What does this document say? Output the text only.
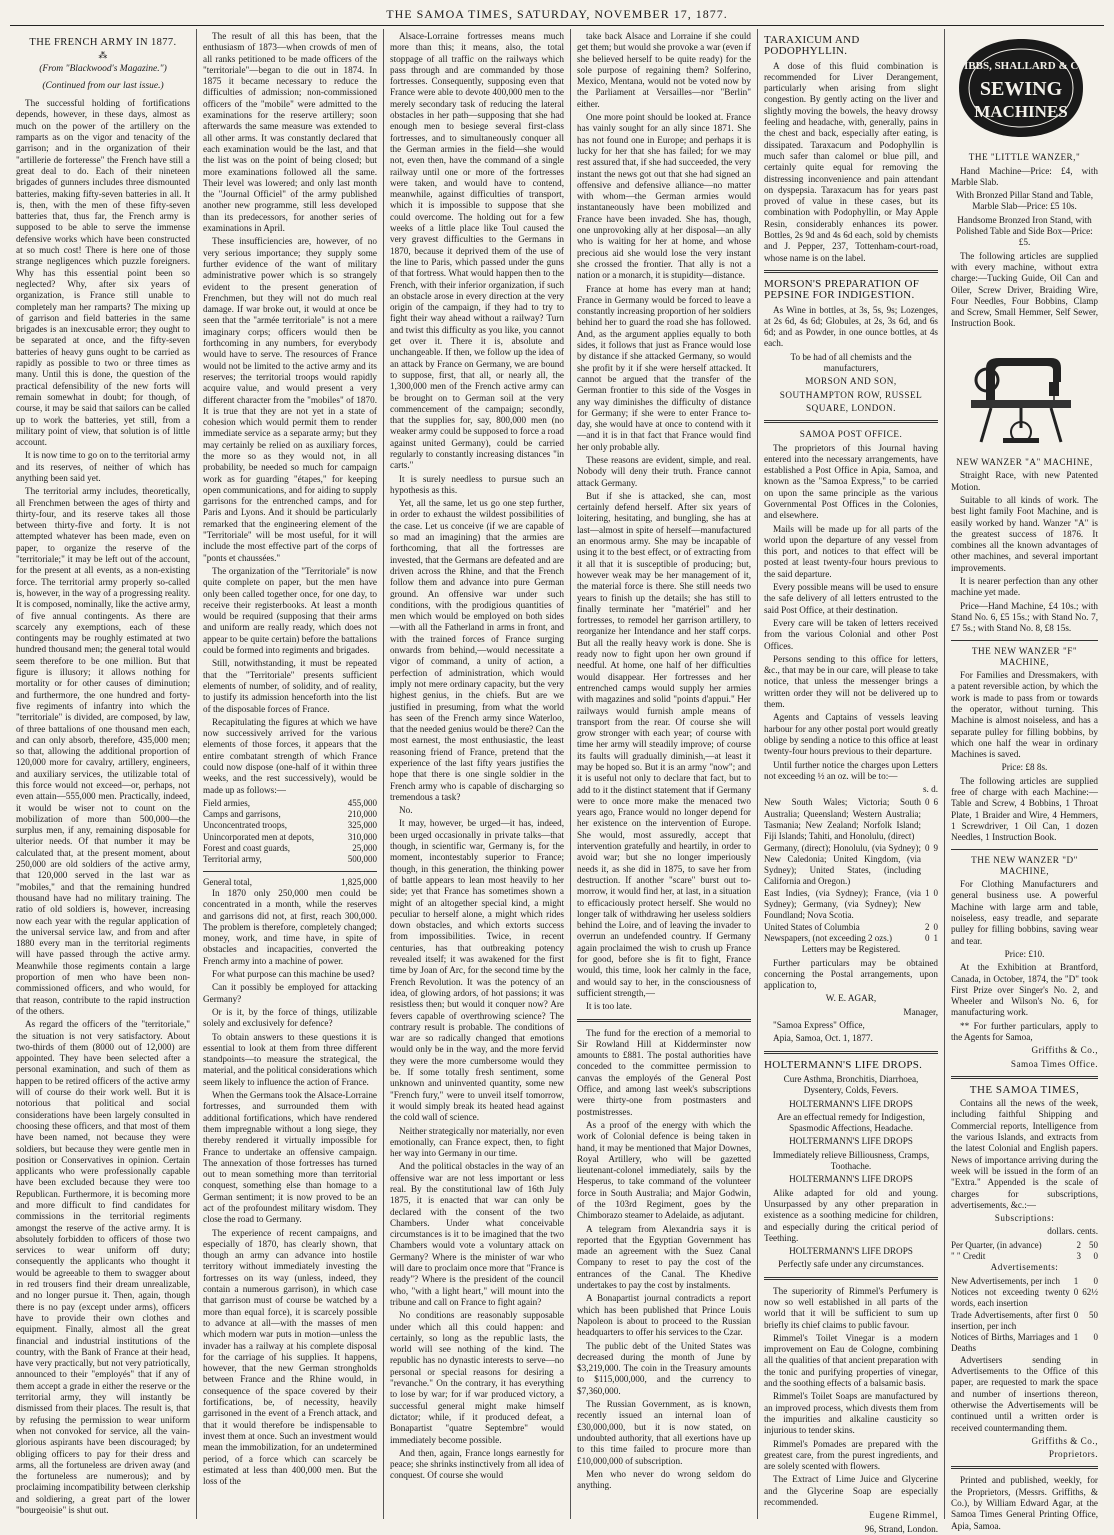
THE SAMOA TIMES, SATURDAY, NOVEMBER 17, 1877.

THE FRENCH ARMY IN 1877.

⁂

(From "Blackwood's Magazine.")

(Continued from our last issue.)

The successful holding of fortifications depends, however, in these days, almost as much on the power of the artillery on the ramparts as on the vigor and tenacity of the garrison; and in the organization of their "artillerie de forteresse" the French have still a great deal to do. Each of their nineteen brigades of gunners includes three dismounted batteries, making fifty-seven batteries in all. It is, then, with the men of these fifty-seven batteries that, thus far, the French army is supposed to be able to serve the immense defensive works which have been constructed at so much cost! There is here one of those strange negligences which puzzle foreigners. Why has this essential point been so neglected? Why, after six years of organization, is France still unable to completely man her ramparts? The mixing up of garrison and field batteries in the same brigades is an inexcusable error; they ought to be separated at once, and the fifty-seven batteries of heavy guns ought to be carried as rapidly as possible to two or three times as many. Until this is done, the question of the practical defensibility of the new forts will remain somewhat in doubt; for though, of course, it may be said that sailors can be called up to work the batteries, yet still, from a military point of view, that solution is of little account.

It is now time to go on to the territorial army and its reserves, of neither of which has anything been said yet.

The territorial army includes, theoretically, all Frenchmen between the ages of thirty and thirty-four, and its reserve takes all those between thirty-five and forty. It is not attempted whatever has been made, even on paper, to organize the reserve of the "territoriale;" it may be left out of the account, for the present at all events, as a non-existing force. The territorial army properly so-called is, however, in the way of a progressing reality. It is composed, nominally, like the active army, of five annual contingents. As there are scarcely any exemptions, each of these contingents may be roughly estimated at two hundred thousand men; the general total would seem therefore to be one million. But that figure is illusory; it allows nothing for mortality or for other causes of diminution; and furthermore, the one hundred and forty-five regiments of infantry into which the "territoriale" is divided, are composed, by law, of three battalions of one thousand men each, and can only absorb, therefore, 435,000 men; so that, allowing the additional proportion of 120,000 more for cavalry, artillery, engineers, and auxiliary services, the utilizable total of this force would not exceed—or, perhaps, not even attain—555,000 men. Practically, indeed, it would be wiser not to count on the mobilization of more than 500,000—the surplus men, if any, remaining disposable for ulterior needs. Of that number it may be calculated that, at the present moment, about 250,000 are old soldiers of the active army, that 120,000 served in the last war as "mobiles," and that the remaining hundred thousand have had no military training. The ratio of old soldiers is, however, increasing now each year with the regular application of the universal service law, and from and after 1880 every man in the territorial regiments will have passed through the active army. Meanwhile those regiments contain a large proportion of men who have been non-commissioned officers, and who would, for that reason, contribute to the rapid instruction of the others.

As regard the officers of the "territoriale," the situation is not very satisfactory. About two-thirds of them (8000 out of 12,000) are appointed. They have been selected after a personal examination, and such of them as happen to be retired officers of the active army will of course do their work well. But it is notorious that political and social considerations have been largely consulted in choosing these officers, and that most of them have been named, not because they were soldiers, but because they were gentle men in position or Conservatives in opinion. Certain applicants who were professionally capable have been excluded because they were too Republican. Furthermore, it is becoming more and more difficult to find candidates for commissions in the territorial regiments amongst the reserve of the active army. It is absolutely forbidden to officers of those two services to wear uniform off duty; consequently the applicants who thought it would be agreeable to them to swagger about in red trousers find their dream unrealizable, and no longer pursue it. Then, again, though there is no pay (except under arms), officers have to provide their own clothes and equipment. Finally, almost all the great financial and industrial institutions of the country, with the Bank of France at their head, have very practically, but not very patriotically, announced to their "employés" that if any of them accept a grade in either the reserve or the territorial army, they will instantly be dismissed from their places. The result is, that by refusing the permission to wear uniform when not convoked for service, all the vain-glorious aspirants have been discouraged; by obliging officers to pay for their dress and arms, all the fortuneless are driven away (and the fortuneless are numerous); and by proclaiming incompatibility between clerkship and soldiering, a great part of the lower "bourgeoisie" is shut out.

The result of all this has been, that the enthusiasm of 1873—when crowds of men of all ranks petitioned to be made officers of the "territoriale"—began to die out in 1874. In 1875 it became necessary to reduce the difficulties of admission; non-commissioned officers of the "mobile" were admitted to the examinations for the reserve artillery; soon afterwards the same measure was extended to all other arms. It was constantly declared that each examination would be the last, and that the list was on the point of being closed; but more examinations followed all the same. Their level was lowered; and only last month the "Journal Officiel" of the army published another new programme, still less developed than its predecessors, for another series of examinations in April.

These insufficiencies are, however, of no very serious importance; they supply some further evidence of the want of military administrative power which is so strangely evident to the present generation of Frenchmen, but they will not do much real damage. If war broke out, it would at once be seen that the "armée territoriale" is not a mere imaginary corps; officers would then be forthcoming in any numbers, for everybody would have to serve. The resources of France would not be limited to the active army and its reserves; the territorial troops would rapidly acquire value, and would present a very different character from the "mobiles" of 1870. It is true that they are not yet in a state of cohesion which would permit them to render immediate service as a separate army; but they may certainly be relied on as auxiliary forces, the more so as they would not, in all probability, be needed so much for campaign work as for guarding "étapes," for keeping open communications, and for aiding to supply garrisons for the entrenched camps, and for Paris and Lyons. And it should be particularly remarked that the engineering element of the "Territoriale" will be most useful, for it will include the most effective part of the corps of "ponts et chaussées."

The organization of the "Territoriale" is now quite complete on paper, but the men have only been called together once, for one day, to receive their registerbooks. At least a month would be required (supposing that their arms and uniform are really ready, which does not appear to be quite certain) before the battalions could be formed into regiments and brigades.

Still, notwithstanding, it must be repeated that the "Territoriale" presents sufficient elements of number, of solidity, and of reality, to justify its admission henceforth into the list of the disposable forces of France.

Recapitulating the figures at which we have now successively arrived for the various elements of those forces, it appears that the entire combatant strength of which France could now dispose (one-half of it within three weeks, and the rest successively), would be made up as follows:—

Field armies,	455,000
Camps and garrisons,	210,000
Unconcentrated troops,	325,000
Unincorporated men at depots,	310,000
Forest and coast guards,	25,000
Territorial army,	500,000
General total,	1,825,000

In 1870 only 250,000 men could be concentrated in a month, while the reserves and garrisons did not, at first, reach 300,000. The problem is therefore, completely changed; money, work, and time have, in spite of obstacles and incapacities, converted the French army into a machine of power.

For what purpose can this machine be used?

Can it possibly be employed for attacking Germany?

Or is it, by the force of things, utilizable solely and exclusively for defence?

To obtain answers to these questions it is essential to look at them from three different standpoints—to measure the strategical, the material, and the political considerations which seem likely to influence the action of France.

When the Germans took the Alsace-Lorraine fortresses, and surrounded them with additional fortifications, which have rendered them impregnable without a long siege, they thereby rendered it virtually impossible for France to undertake an offensive campaign. The annexation of those fortresses has turned out to mean something more than territorial conquest, something else than homage to a German sentiment; it is now proved to be an act of the profoundest military wisdom. They close the road to Germany.

The experience of recent campaigns, and especially of 1870, has clearly shown, that though an army can advance into hostile territory without immediately investing the fortresses on its way (unless, indeed, they contain a numerous garrison), in which case that garrison must of course be watched by a more than equal force), it is scarcely possible to advance at all—with the masses of men which modern war puts in motion—unless the invader has a railway at his complete disposal for the carriage of his supplies. It happens, however, that the new German strongholds between France and the Rhine would, in consequence of the space covered by their fortifications, be, of necessity, heavily garrisoned in the event of a French attack, and that it would therefore be indispensable to invest them at once. Such an investment would mean the immobilization, for an undetermined period, of a force which can scarcely be estimated at less than 400,000 men. But the loss of the

Alsace-Lorraine fortresses means much more than this; it means, also, the total stoppage of all traffic on the railways which pass through and are commanded by those fortresses. Consequently, supposing even that France were able to devote 400,000 men to the merely secondary task of reducing the lateral obstacles in her path—supposing that she had enough men to besiege several first-class fortresses, and to simultaneously conquer all the German armies in the field—she would not, even then, have the command of a single railway until one or more of the fortresses were taken, and would have to contend, meanwhile, against difficulties of transport, which it is impossible to suppose that she could overcome. The holding out for a few weeks of a little place like Toul caused the very gravest difficulties to the Germans in 1870, because it deprived them of the use of the line to Paris, which passed under the guns of that fortress. What would happen then to the French, with their inferior organization, if such an obstacle arose in every direction at the very origin of the campaign, if they had to try to fight their way ahead without a railway? Turn and twist this difficulty as you like, you cannot get over it. There it is, absolute and unchangeable. If then, we follow up the idea of an attack by France on Germany, we are bound to suppose, first, that all, or nearly all, the 1,300,000 men of the French active army can be brought on to German soil at the very commencement of the campaign; secondly, that the supplies for, say, 800,000 men (no weaker army could be supposed to force a road against united Germany), could be carried regularly to constantly increasing distances "in carts."

It is surely needless to pursue such an hypothesis as this.

Yet, all the same, let us go one step further, in order to exhaust the wildest possibilities of the case. Let us conceive (if we are capable of so mad an imagining) that the armies are forthcoming, that all the fortresses are invested, that the Germans are defeated and are driven across the Rhine, and that the French follow them and advance into pure German ground. An offensive war under such conditions, with the prodigious quantities of men which would be employed on both sides—with all the Fatherland in arms in front, and with the trained forces of France surging onwards from behind,—would necessitate a vigor of command, a unity of action, a perfection of administration, which would imply not mere ordinary capacity, but the very highest genius, in the chiefs. But are we justified in presuming, from what the world has seen of the French army since Waterloo, that the needed genius would be there? Can the most earnest, the most enthusiastic, the least reasoning friend of France, pretend that the experience of the last fifty years justifies the hope that there is one single soldier in the French army who is capable of discharging so tremendous a task?

No.

It may, however, be urged—it has, indeed, been urged occasionally in private talks—that though, in scientific war, Germany is, for the moment, incontestably superior to France; though, in this generation, the thinking power of battle appears to lean most heavily to her side; yet that France has sometimes shown a might of an altogether special kind, a might peculiar to herself alone, a might which rides down obstacles, and which extorts success from impossibilities. Twice, in recent centuries, has that outbreaking potency revealed itself; it was awakened for the first time by Joan of Arc, for the second time by the French Revolution. It was the potency of an idea, of glowing ardors, of hot passions; it was resistless then; but would it conquer now? Are fevers capable of overthrowing science? The contrary result is probable. The conditions of war are so radically changed that emotions would only be in the way, and the more fervid they were the more cumbersome would they be. If some totally fresh sentiment, some unknown and uninvented quantity, some new "French fury," were to unveil itself tomorrow, it would simply break its heated head against the cold wall of science.

Neither strategically nor materially, nor even emotionally, can France expect, then, to fight her way into Germany in our time.

And the political obstacles in the way of an offensive war are not less important or less real. By the constitutional law of 16th July 1875, it is enacted that war can only be declared with the consent of the two Chambers. Under what conceivable circumstances is it to be imagined that the two Chambers would vote a voluntary attack on Germany? Where is the minister of war who will dare to proclaim once more that "France is ready"? Where is the president of the council who, "with a light heart," will mount into the tribune and call on France to fight again?

No conditions are reasonably supposable under which all this could happen: and certainly, so long as the republic lasts, the world will see nothing of the kind. The republic has no dynastic interests to serve—no personal or special reasons for desiring a "revanche." On the contrary, it has everything to lose by war; for if war produced victory, a successful general might make himself dictator; while, if it produced defeat, a Bonapartist "quatre Septembre" would immediately become possible.

And then, again, France longs earnestly for peace; she shrinks instinctively from all idea of conquest. Of course she would

take back Alsace and Lorraine if she could get them; but would she provoke a war (even if she believed herself to be quite ready) for the sole purpose of regaining them? Solferino, Mexico, Mentana, would not be voted now by the Parliament at Versailles—nor "Berlin" either.

One more point should be looked at. France has vainly sought for an ally since 1871. She has not found one in Europe; and perhaps it is lucky for her that she has failed; for we may rest assured that, if she had succeeded, the very instant the news got out that she had signed an offensive and defensive alliance—no matter with whom—the German armies would instantaneously have been mobilized and France have been invaded. She has, though, one unprovoking ally at her disposal—an ally who is waiting for her at home, and whose precious aid she would lose the very instant she crossed the frontier. That ally is not a nation or a monarch, it is stupidity—distance.

France at home has every man at hand; France in Germany would be forced to leave a constantly increasing proportion of her soldiers behind her to guard the road she has followed. And, as the argument applies equally to both sides, it follows that just as France would lose by distance if she attacked Germany, so would she profit by it if she were herself attacked. It cannot be argued that the transfer of the German frontier to this side of the Vosges in any way diminishes the difficulty of distance for Germany; if she were to enter France to-day, she would have at once to contend with it—and it is in that fact that France would find her only probable ally.

These reasons are evident, simple, and real. Nobody will deny their truth. France cannot attack Germany.

But if she is attacked, she can, most certainly defend herself. After six years of loitering, hesitating, and bungling, she has at last—almost in spite of herself—manufactured an enormous army. She may be incapable of using it to the best effect, or of extracting from it all that it is susceptible of producing; but, however weak may be her management of it, the material force is there. She still needs two years to finish up the details; she has still to finally terminate her "matériel" and her fortresses, to remodel her garrison artillery, to reorganize her Intendance and her staff corps. But all the really heavy work is done. She is ready now to fight upon her own ground if needful. At home, one half of her difficulties would disappear. Her fortresses and her entrenched camps would supply her armies with magazines and solid "points d'appui." Her railways would furnish ample means of transport from the rear. Of course she will grow stronger with each year; of course with time her army will steadily improve; of course its faults will gradually diminish,—at least it may be hoped so. But it is an army "now"; and it is useful not only to declare that fact, but to add to it the distinct statement that if Germany were to once more make the menaced two years ago, France would no longer depend for her existence on the intervention of Europe. She would, most assuredly, accept that intervention gratefully and heartily, in order to avoid war; but she no longer imperiously needs it, as she did in 1875, to save her from destruction. If another "scare" burst out to-morrow, it would find her, at last, in a situation to efficaciously protect herself. She would no longer talk of withdrawing her useless soldiers behind the Loire, and of leaving the invader to overrun an undefended country. If Germany again proclaimed the wish to crush up France for good, before she is fit to fight, France would, this time, look her calmly in the face, and would say to her, in the consciousness of sufficient strength,—

It is too late.

The fund for the erection of a memorial to Sir Rowland Hill at Kidderminster now amounts to £881. The postal authorities have conceded to the committee permission to canvas the employés of the General Post Office, and among last week's subscriptions were thirty-one from postmasters and postmistresses.

As a proof of the energy with which the work of Colonial defence is being taken in hand, it may be mentioned that Major Downes, Royal Artillery, who will be gazetted lieutenant-colonel immediately, sails by the Hesperus, to take command of the volunteer force in South Australia; and Major Godwin, of the 103rd Regiment, goes by the Chimborazo steamer to Adelaide, as adjutant.

A telegram from Alexandria says it is reported that the Egyptian Government has made an agreement with the Suez Canal Company to reset to pay the cost of the entrances of the Canal. The Khedive undertakes to pay the cost by instalments.

A Bonapartist journal contradicts a report which has been published that Prince Louis Napoleon is about to proceed to the Russian headquarters to offer his services to the Czar.

The public debt of the United States was decreased during the month of June by $3,219,000. The coin in the Treasury amounts to $115,000,000, and the currency to $7,360,000.

The Russian Government, as is known, recently issued an internal loan of £30,000,000, but it is now stated, on undoubted authority, that all exertions have up to this time failed to procure more than £10,000,000 of subscription.

Men who never do wrong seldom do anything.

TARAXICUM AND PODOPHYLLIN.

A dose of this fluid combination is recommended for Liver Derangement, particularly when arising from slight congestion. By gently acting on the liver and slightly moving the bowels, the heavy drowsy feeling and headache, with, generally, pains in the chest and back, especially after eating, is dissipated. Taraxacum and Podophyllin is much safer than calomel or blue pill, and certainly quite equal for removing the distressing inconvenience and pain attendant on dyspepsia. Taraxacum has for years past proved of value in these cases, but its combination with Podophyllin, or May Apple Resin, considerably enhances its power. Bottles, 2s 9d and 4s 6d each, sold by chemists and J. Pepper, 237, Tottenham-court-road, whose name is on the label.

MORSON'S PREPARATION OF PEPSINE FOR INDIGESTION.

As Wine in bottles, at 3s, 5s, 9s; Lozenges, at 2s 6d, 4s 6d; Globules, at 2s, 3s 6d, and 6s 6d; and as Powder, in one ounce bottles, at 4s each.

To be had of all chemists and the manufacturers,

MORSON AND SON,

SOUTHAMPTON ROW, RUSSEL

SQUARE, LONDON.

SAMOA POST OFFICE.

The proprietors of this Journal having entered into the necessary arrangements, have established a Post Office in Apia, Samoa, and known as the "Samoa Express," to be carried on upon the same principle as the various Governmental Post Offices in the Colonies, and elsewhere.

Mails will be made up for all parts of the world upon the departure of any vessel from this port, and notices to that effect will be posted at least twenty-four hours previous to the said departure.

Every possible means will be used to ensure the safe delivery of all letters entrusted to the said Post Office, at their destination.

Every care will be taken of letters received from the various Colonial and other Post Offices.

Persons sending to this office for letters, &c., that may be in our care, will please to take notice, that unless the messenger brings a written order they will not be delivered up to them.

Agents and Captains of vessels leaving harbour for any other postal port would greatly oblige by sending a notice to this office at least twenty-four hours previous to their departure.

Until further notice the charges upon Letters not exceeding ½ an oz. will be to:—

s. d.

New South Wales; Victoria; South Australia; Queensland; Western Australia; Tasmania; New Zealand; Norfolk Island; Fiji Islands; Tahiti, and Honolulu, (direct)	0	6
Germany, (direct); Honolulu, (via Sydney); New Caledonia; United Kingdom, (via Sydney); United States, (including California and Oregon.)	0	9
East Indies, (via Sydney); France, (via Sydney); Germany, (via Sydney); New Foundland; Nova Scotia.	1	0
United States of Columbia	2	0
Newspapers, (not exceeding 2 ozs.)	0	1

Letters may be Registered.

Further particulars may be obtained concerning the Postal arrangements, upon application to,

W. E. AGAR,

Manager,

"Samoa Express" Office,

Apia, Samoa, Oct. 1, 1877.

HOLTERMANN'S LIFE DROPS.

Cure Asthma, Bronchitis, Diarrhoea, Dysentery, Colds, Fevers.

HOLTERMANN'S LIFE DROPS

Are an effectual remedy for Indigestion, Spasmodic Affections, Headache.

HOLTERMANN'S LIFE DROPS

Immediately relieve Billiousness, Cramps, Toothache.

HOLTERMANN'S LIFE DROPS

Alike adapted for old and young. Unsurpassed by any other preparation in existence as a soothing medicine for children, and especially during the critical period of Teething.

HOLTERMANN'S LIFE DROPS

Perfectly safe under any circumstances.

The superiority of Rimmel's Perfumery is now so well established in all parts of the world that it will be sufficient to sum up briefly its chief claims to public favour.

Rimmel's Toilet Vinegar is a modern improvement on Eau de Cologne, combining all the qualities of that ancient preparation with the tonic and purifying properties of vinegar, and the soothing effects of a balsamic basis.

Rimmel's Toilet Soaps are manufactured by an improved process, which divests them from the impurities and alkaline causticity so injurious to tender skins.

Rimmel's Pomades are prepared with the greatest care, from the purest ingredients, and are solely scented with flowers.

The Extract of Lime Juice and Glycerine and the Glycerine Soap are especially recommended.

Eugene Rimmel,

96, Strand, London.

GIBBS, SHALLARD & Co.
SEWING
MACHINES

THE "LITTLE WANZER,"

Hand Machine—Price: £4, with Marble Slab.

With Bronzed Pillar Stand and Table, Marble Slab—Price: £5 10s.

Handsome Bronzed Iron Stand, with Polished Table and Side Box—Price: £5.

The following articles are supplied with every machine, without extra charge:—Tucking Guide, Oil Can and Oiler, Screw Driver, Braiding Wire, Four Needles, Four Bobbins, Clamp and Screw, Small Hemmer, Self Sewer, Instruction Book.

NEW WANZER "A" MACHINE,

Straight Race, with new Patented Motion.

Suitable to all kinds of work. The best light family Foot Machine, and is easily worked by hand. Wanzer "A" is the greatest success of 1876. It combines all the known advantages of other machines, and several important improvements.

It is nearer perfection than any other machine yet made.

Price—Hand Machine, £4 10s.; with Stand No. 6, £5 15s.; with Stand No. 7, £7 5s.; with Stand No. 8, £8 15s.

THE NEW WANZER "F" MACHINE,

For Families and Dressmakers, with a patent reversible action, by which the work is made to pass from or towards the operator, without turning. This Machine is almost noiseless, and has a separate pulley for filling bobbins, by which one half the wear in ordinary Machines is saved.

Price: £8 8s.

The following articles are supplied free of charge with each Machine:—Table and Screw, 4 Bobbins, 1 Throat Plate, 1 Braider and Wire, 4 Hemmers, 1 Screwdriver, 1 Oil Can, 1 dozen Needles, 1 Instruction Book.

THE NEW WANZER "D" MACHINE,

For Clothing Manufacturers and general business use. A powerful Machine with large arm and table, noiseless, easy treadle, and separate pulley for filling bobbins, saving wear and tear.

Price: £10.

At the Exhibition at Brantford, Canada, in October, 1874, the "D" took First Prize over Singer's No. 2, and Wheeler and Wilson's No. 6, for manufacturing work.

** For further particulars, apply to the Agents for Samoa,

Griffiths & Co.,

Samoa Times Office.

THE SAMOA TIMES,

Contains all the news of the week, including faithful Shipping and Commercial reports, Intelligence from the various Islands, and extracts from the latest Colonial and English papers. News of importance arriving during the week will be issued in the form of an "Extra." Appended is the scale of charges for subscriptions, advertisements, &c.:—

Subscriptions:

dollars. cents.

Per Quarter, (in advance)	2	50
" " Credit	3	0

Advertisements:

New Advertisements, per inch	1	0
Notices not exceeding twenty words, each insertion	0	62½
Trade Advertisements, after first insertion, per inch	0	50
Notices of Births, Marriages and Deaths	1	0

Advertisers sending in Advertisements to the Office of this paper, are requested to mark the space and number of insertions thereon, otherwise the Advertisements will be continued until a written order is received countermanding them.

Griffiths & Co.,

Proprietors.

Printed and published, weekly, for the Proprietors, (Messrs. Griffiths, & Co.), by William Edward Agar, at the Samoa Times General Printing Office, Apia, Samoa.
